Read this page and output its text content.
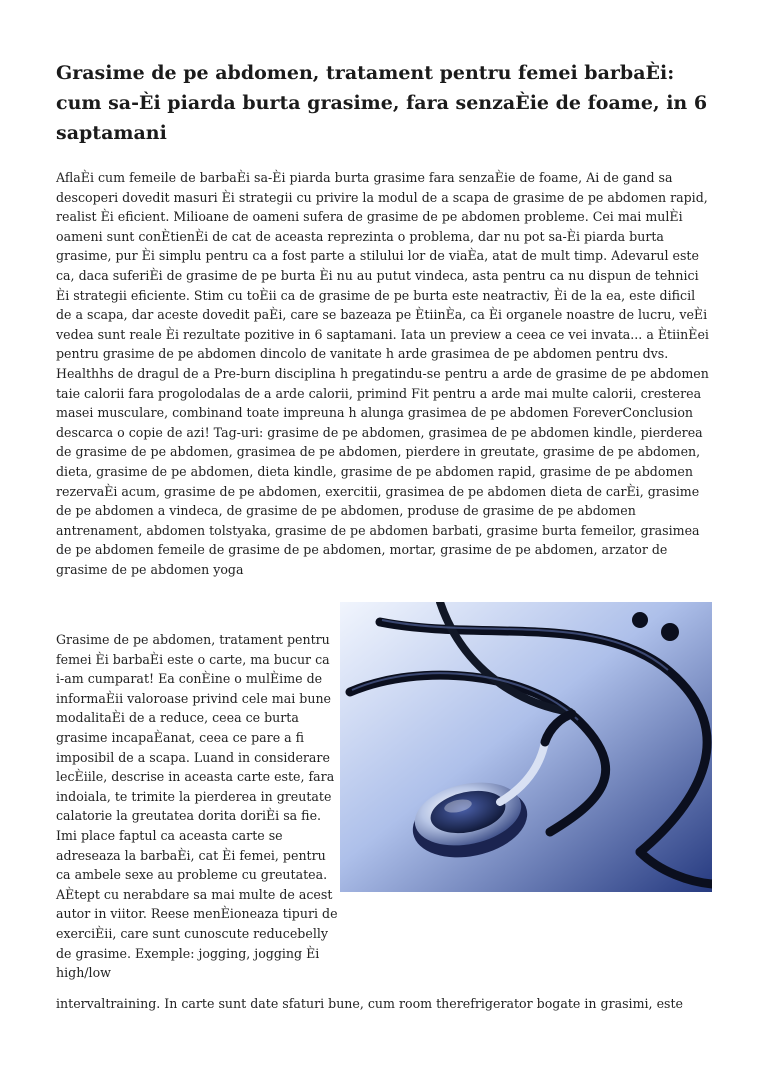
Grasime de pe abdomen, tratament pentru femei barbaÈi: cum sa-Èi piarda burta grasime, fara senzaÈie de foame, in 6 saptamani

AflaÈi cum femeile de barbaÈi sa-Èi piarda burta grasime fara senzaÈie de foame, Ai de gand sa descoperi dovedit masuri Èi strategii cu privire la modul de a scapa de grasime de pe abdomen rapid, realist Èi eficient. Milioane de oameni sufera de grasime de pe abdomen probleme. Cei mai mulÈi oameni sunt conÈtienÈi de cat de aceasta reprezinta o problema, dar nu pot sa-Èi piarda burta grasime, pur Èi simplu pentru ca a fost parte a stilului lor de viaÈa, atat de mult timp. Adevarul este ca, daca suferiÈi de grasime de pe burta Èi nu au putut vindeca, asta pentru ca nu dispun de tehnici Èi strategii eficiente. Stim cu toÈii ca de grasime de pe burta este neatractiv, Èi de la ea, este dificil de a scapa, dar aceste dovedit paÈi, care se bazeaza pe ÈtiinÈa, ca Èi organele noastre de lucru, veÈi vedea sunt reale Èi rezultate pozitive in 6 saptamani. Iata un preview a ceea ce vei invata... a ÈtiinÈei pentru grasime de pe abdomen dincolo de vanitate h arde grasimea de pe abdomen pentru dvs. Healthhs de dragul de a Pre-burn disciplina h pregatindu-se pentru a arde de grasime de pe abdomen taie calorii fara progolodalas de a arde calorii, primind Fit pentru a arde mai multe calorii, cresterea masei musculare, combinand toate impreuna h alunga grasimea de pe abdomen ForeverConclusion descarca o copie de azi! Tag-uri: grasime de pe abdomen, grasimea de pe abdomen kindle, pierderea de grasime de pe abdomen, grasimea de pe abdomen, pierdere in greutate, grasime de pe abdomen, dieta, grasime de pe abdomen, dieta kindle, grasime de pe abdomen rapid, grasime de pe abdomen rezervaÈi acum, grasime de pe abdomen, exercitii, grasimea de pe abdomen dieta de carÈi, grasime de pe abdomen a vindeca, de grasime de pe abdomen, produse de grasime de pe abdomen antrenament, abdomen tolstyaka, grasime de pe abdomen barbati, grasime burta femeilor, grasimea de pe abdomen femeile de grasime de pe abdomen, mortar, grasime de pe abdomen, arzator de grasime de pe abdomen yoga

Grasime de pe abdomen, tratament pentru femei Èi barbaÈi este o carte, ma bucur ca i-am cumparat! Ea conÈine o mulÈime de informaÈii valoroase privind cele mai bune modalitaÈi de a reduce, ceea ce burta grasime incapaÈanat, ceea ce pare a fi imposibil de a scapa. Luand in considerare lecÈiile, descrise in aceasta carte este, fara indoiala, te trimite la pierderea in greutate calatorie la greutatea dorita doriÈi sa fie. Imi place faptul ca aceasta carte se adreseaza la barbaÈi, cat Èi femei, pentru ca ambele sexe au probleme cu greutatea. AÈtept cu nerabdare sa mai multe de acest autor in viitor. Reese menÈioneaza tipuri de exerciÈii, care sunt cunoscute reducebelly de grasime. Exemple: jogging, jogging Èi high/low

intervaltraining. In carte sunt date sfaturi bune, cum room therefrigerator bogate in grasimi, este
